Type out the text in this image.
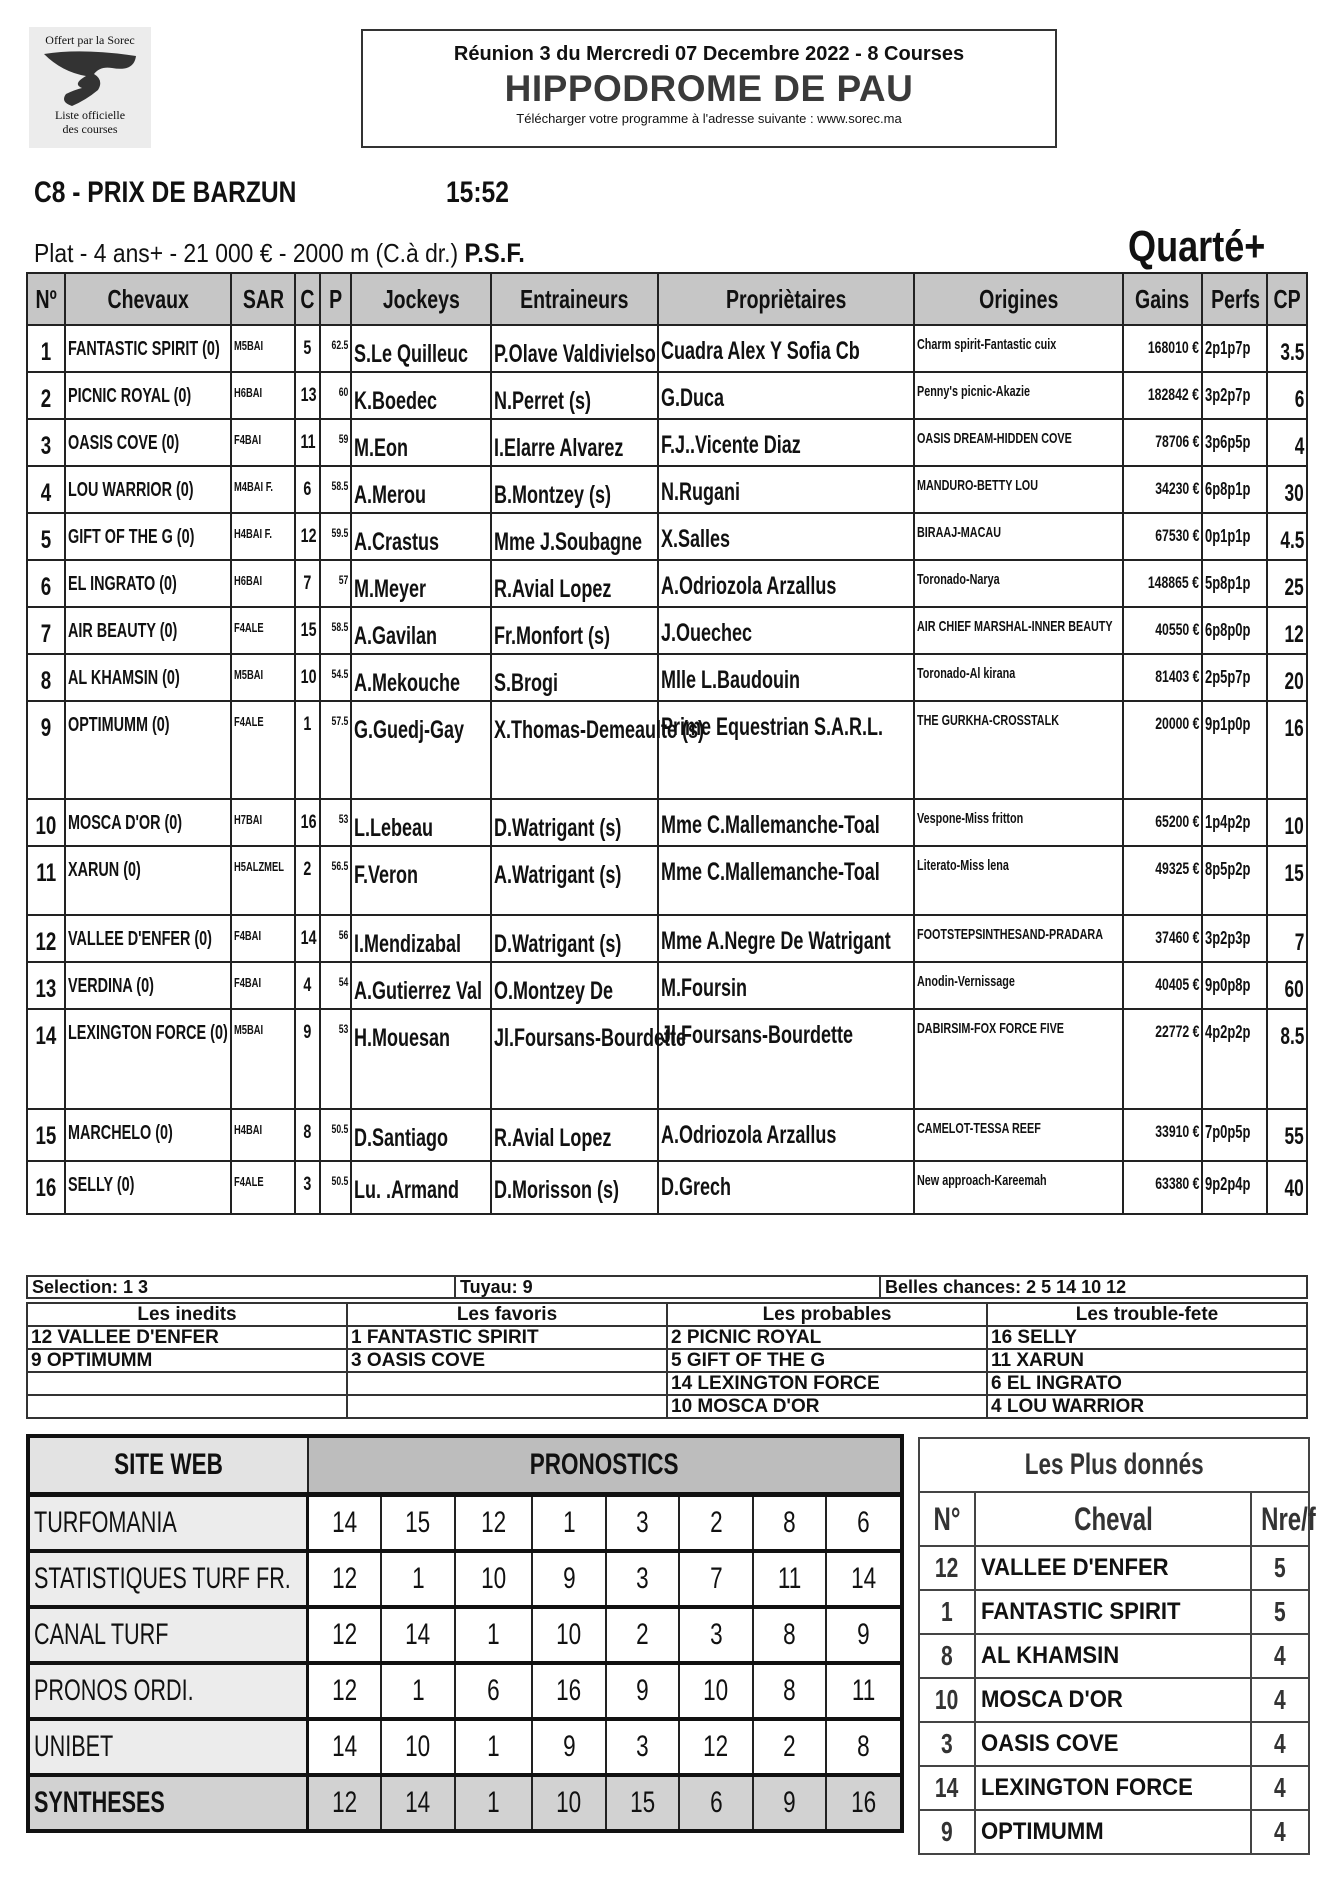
Offert par la Sorec
Liste officielle
des courses
Réunion 3 du Mercredi 07 Decembre 2022 - 8 Courses
HIPPODROME DE PAU
Télécharger votre programme à l'adresse suivante : www.sorec.ma
C8 - PRIX DE BARZUN	15:52
Plat - 4 ans+ - 21 000 € - 2000 m (C.à dr.) P.S.F.	Quarté+
Nº	Chevaux	SAR	C	P	Jockeys	Entraineurs	Propriètaires	Origines	Gains	Perfs	CP
1	FANTASTIC SPIRIT (0)	M5BAI	5	62.5	S.Le Quilleuc	P.Olave Valdivielso	Cuadra Alex Y Sofia Cb	Charm spirit-Fantastic cuix	168010 €	2p1p7p	3.5
2	PICNIC ROYAL (0)	H6BAI	13	60	K.Boedec	N.Perret (s)	G.Duca	Penny's picnic-Akazie	182842 €	3p2p7p	6
3	OASIS COVE (0)	F4BAI	11	59	M.Eon	I.Elarre Alvarez	F.J..Vicente Diaz	OASIS DREAM-HIDDEN COVE	78706 €	3p6p5p	4
4	LOU WARRIOR (0)	M4BAI F.	6	58.5	A.Merou	B.Montzey (s)	N.Rugani	MANDURO-BETTY LOU	34230 €	6p8p1p	30
5	GIFT OF THE G (0)	H4BAI F.	12	59.5	A.Crastus	Mme J.Soubagne	X.Salles	BIRAAJ-MACAU	67530 €	0p1p1p	4.5
6	EL INGRATO (0)	H6BAI	7	57	M.Meyer	R.Avial Lopez	A.Odriozola Arzallus	Toronado-Narya	148865 €	5p8p1p	25
7	AIR BEAUTY (0)	F4ALE	15	58.5	A.Gavilan	Fr.Monfort (s)	J.Ouechec	AIR CHIEF MARSHAL-INNER BEAUTY	40550 €	6p8p0p	12
8	AL KHAMSIN (0)	M5BAI	10	54.5	A.Mekouche	S.Brogi	Mlle L.Baudouin	Toronado-Al kirana	81403 €	2p5p7p	20
9	OPTIMUMM (0)	F4ALE	1	57.5	G.Guedj-Gay	X.Thomas-Demeaulte (s)	Prime Equestrian S.A.R.L.	THE GURKHA-CROSSTALK	20000 €	9p1p0p	16
10	MOSCA D'OR (0)	H7BAI	16	53	L.Lebeau	D.Watrigant (s)	Mme C.Mallemanche-Toal	Vespone-Miss fritton	65200 €	1p4p2p	10
11	XARUN (0)	H5ALZMEL	2	56.5	F.Veron	A.Watrigant (s)	Mme C.Mallemanche-Toal	Literato-Miss lena	49325 €	8p5p2p	15
12	VALLEE D'ENFER (0)	F4BAI	14	56	I.Mendizabal	D.Watrigant (s)	Mme A.Negre De Watrigant	FOOTSTEPSINTHESAND-PRADARA	37460 €	3p2p3p	7
13	VERDINA (0)	F4BAI	4	54	A.Gutierrez Val	O.Montzey De	M.Foursin	Anodin-Vernissage	40405 €	9p0p8p	60
14	LEXINGTON FORCE (0)	M5BAI	9	53	H.Mouesan	Jl.Foursans-Bourdette	Jl.Foursans-Bourdette	DABIRSIM-FOX FORCE FIVE	22772 €	4p2p2p	8.5
15	MARCHELO (0)	H4BAI	8	50.5	D.Santiago	R.Avial Lopez	A.Odriozola Arzallus	CAMELOT-TESSA REEF	33910 €	7p0p5p	55
16	SELLY (0)	F4ALE	3	50.5	Lu. .Armand	D.Morisson (s)	D.Grech	New approach-Kareemah	63380 €	9p2p4p	40
Selection: 1 3	Tuyau: 9	Belles chances: 2 5 14 10 12
Les inedits	Les favoris	Les probables	Les trouble-fete
12 VALLEE D'ENFER	1 FANTASTIC SPIRIT	2 PICNIC ROYAL	16 SELLY
9 OPTIMUMM	3 OASIS COVE	5 GIFT OF THE G	11 XARUN
		14 LEXINGTON FORCE	6 EL INGRATO
		10 MOSCA D'OR	4 LOU WARRIOR
SITE WEB	PRONOSTICS
TURFOMANIA	14	15	12	1	3	2	8	6
STATISTIQUES TURF FR.	12	1	10	9	3	7	11	14
CANAL TURF	12	14	1	10	2	3	8	9
PRONOS ORDI.	12	1	6	16	9	10	8	11
UNIBET	14	10	1	9	3	12	2	8
SYNTHESES	12	14	1	10	15	6	9	16
Les Plus donnés
N°	Cheval	Nre/f
12	VALLEE D'ENFER	5
1	FANTASTIC SPIRIT	5
8	AL KHAMSIN	4
10	MOSCA D'OR	4
3	OASIS COVE	4
14	LEXINGTON FORCE	4
9	OPTIMUMM	4
